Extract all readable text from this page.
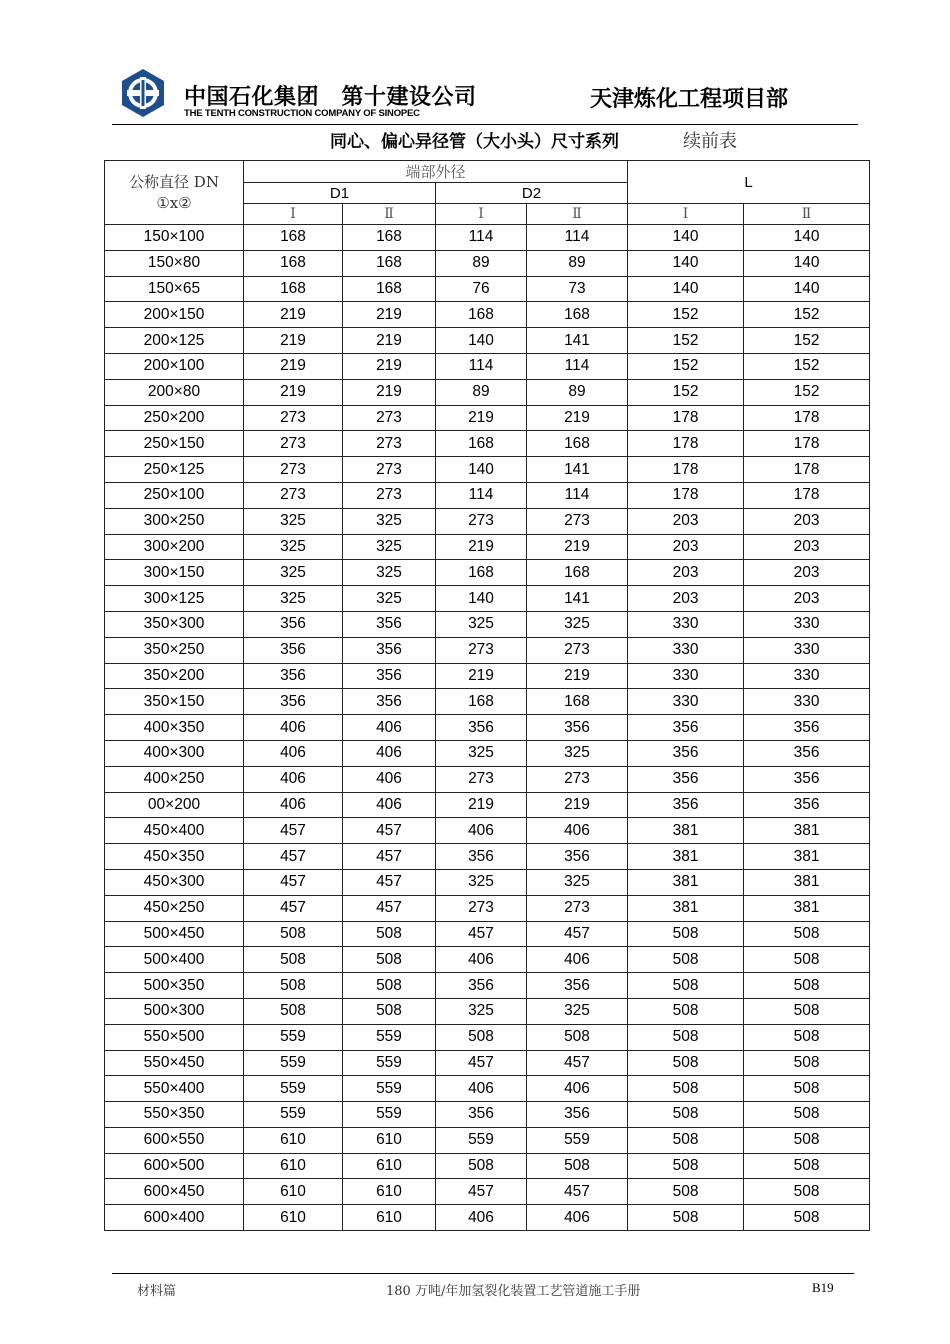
中国石化集团　第十建设公司
THE TENTH CONSTRUCTION COMPANY OF SINOPEC
天津炼化工程项目部
同心、偏心异径管（大小头）尺寸系列	续前表
公称直径 DN
①x②	端部外径				L	
	D1		D2			
	Ⅰ	Ⅱ	Ⅰ	Ⅱ	Ⅰ	Ⅱ
150×100	168	168	114	114	140	140
150×80	168	168	89	89	140	140
150×65	168	168	76	73	140	140
200×150	219	219	168	168	152	152
200×125	219	219	140	141	152	152
200×100	219	219	114	114	152	152
200×80	219	219	89	89	152	152
250×200	273	273	219	219	178	178
250×150	273	273	168	168	178	178
250×125	273	273	140	141	178	178
250×100	273	273	114	114	178	178
300×250	325	325	273	273	203	203
300×200	325	325	219	219	203	203
300×150	325	325	168	168	203	203
300×125	325	325	140	141	203	203
350×300	356	356	325	325	330	330
350×250	356	356	273	273	330	330
350×200	356	356	219	219	330	330
350×150	356	356	168	168	330	330
400×350	406	406	356	356	356	356
400×300	406	406	325	325	356	356
400×250	406	406	273	273	356	356
00×200	406	406	219	219	356	356
450×400	457	457	406	406	381	381
450×350	457	457	356	356	381	381
450×300	457	457	325	325	381	381
450×250	457	457	273	273	381	381
500×450	508	508	457	457	508	508
500×400	508	508	406	406	508	508
500×350	508	508	356	356	508	508
500×300	508	508	325	325	508	508
550×500	559	559	508	508	508	508
550×450	559	559	457	457	508	508
550×400	559	559	406	406	508	508
550×350	559	559	356	356	508	508
600×550	610	610	559	559	508	508
600×500	610	610	508	508	508	508
600×450	610	610	457	457	508	508
600×400	610	610	406	406	508	508
材料篇	180 万吨/年加氢裂化装置工艺管道施工手册	B19
